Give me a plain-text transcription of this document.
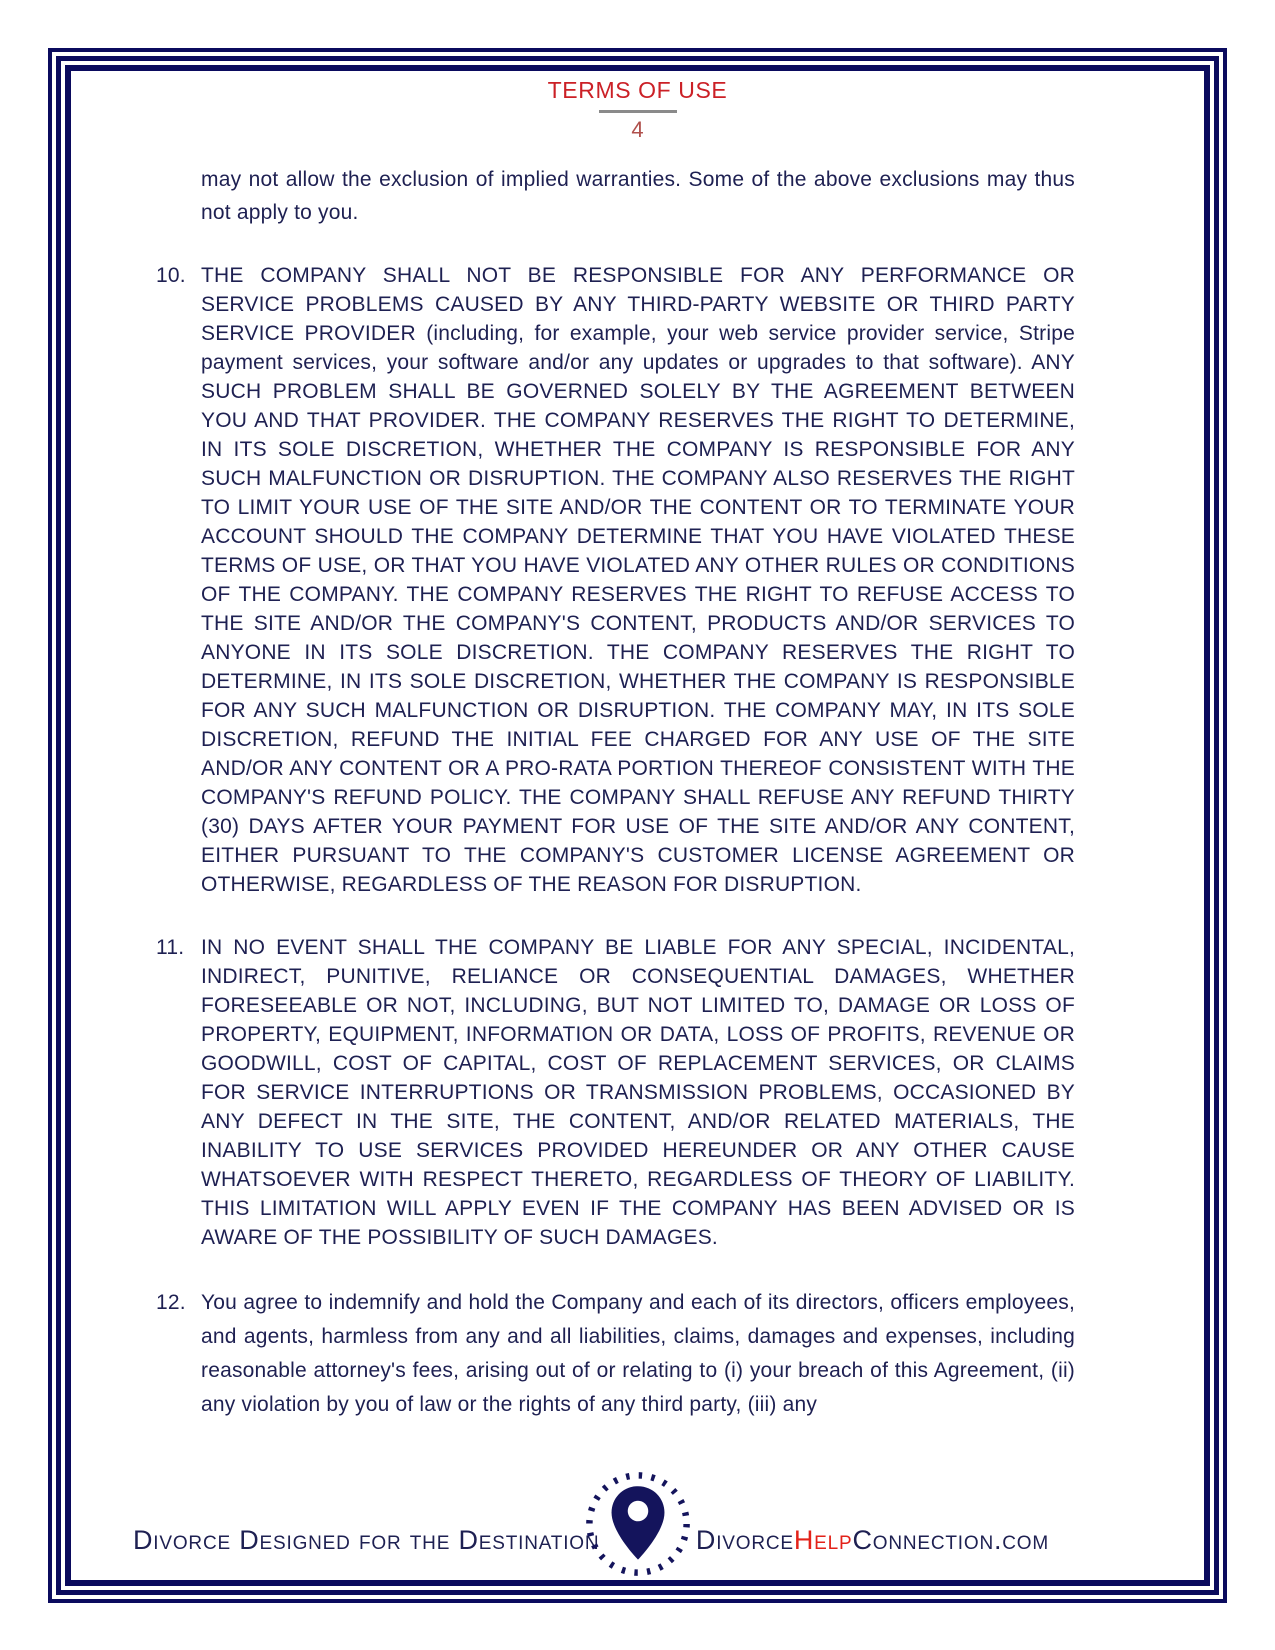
TERMS OF USE
4
may not allow the exclusion of implied warranties. Some of the above exclusions may thus not apply to you.
10. THE COMPANY SHALL NOT BE RESPONSIBLE FOR ANY PERFORMANCE OR SERVICE PROBLEMS CAUSED BY ANY THIRD-PARTY WEBSITE OR THIRD PARTY SERVICE PROVIDER (including, for example, your web service provider service, Stripe payment services, your software and/or any updates or upgrades to that software). ANY SUCH PROBLEM SHALL BE GOVERNED SOLELY BY THE AGREEMENT BETWEEN YOU AND THAT PROVIDER. THE COMPANY RESERVES THE RIGHT TO DETERMINE, IN ITS SOLE DISCRETION, WHETHER THE COMPANY IS RESPONSIBLE FOR ANY SUCH MALFUNCTION OR DISRUPTION. THE COMPANY ALSO RESERVES THE RIGHT TO LIMIT YOUR USE OF THE SITE AND/OR THE CONTENT OR TO TERMINATE YOUR ACCOUNT SHOULD THE COMPANY DETERMINE THAT YOU HAVE VIOLATED THESE TERMS OF USE, OR THAT YOU HAVE VIOLATED ANY OTHER RULES OR CONDITIONS OF THE COMPANY. THE COMPANY RESERVES THE RIGHT TO REFUSE ACCESS TO THE SITE AND/OR THE COMPANY'S CONTENT, PRODUCTS AND/OR SERVICES TO ANYONE IN ITS SOLE DISCRETION. THE COMPANY RESERVES THE RIGHT TO DETERMINE, IN ITS SOLE DISCRETION, WHETHER THE COMPANY IS RESPONSIBLE FOR ANY SUCH MALFUNCTION OR DISRUPTION. THE COMPANY MAY, IN ITS SOLE DISCRETION, REFUND THE INITIAL FEE CHARGED FOR ANY USE OF THE SITE AND/OR ANY CONTENT OR A PRO-RATA PORTION THEREOF CONSISTENT WITH THE COMPANY'S REFUND POLICY. THE COMPANY SHALL REFUSE ANY REFUND THIRTY (30) DAYS AFTER YOUR PAYMENT FOR USE OF THE SITE AND/OR ANY CONTENT, EITHER PURSUANT TO THE COMPANY'S CUSTOMER LICENSE AGREEMENT OR OTHERWISE, REGARDLESS OF THE REASON FOR DISRUPTION.
11. IN NO EVENT SHALL THE COMPANY BE LIABLE FOR ANY SPECIAL, INCIDENTAL, INDIRECT, PUNITIVE, RELIANCE OR CONSEQUENTIAL DAMAGES, WHETHER FORESEEABLE OR NOT, INCLUDING, BUT NOT LIMITED TO, DAMAGE OR LOSS OF PROPERTY, EQUIPMENT, INFORMATION OR DATA, LOSS OF PROFITS, REVENUE OR GOODWILL, COST OF CAPITAL, COST OF REPLACEMENT SERVICES, OR CLAIMS FOR SERVICE INTERRUPTIONS OR TRANSMISSION PROBLEMS, OCCASIONED BY ANY DEFECT IN THE SITE, THE CONTENT, AND/OR RELATED MATERIALS, THE INABILITY TO USE SERVICES PROVIDED HEREUNDER OR ANY OTHER CAUSE WHATSOEVER WITH RESPECT THERETO, REGARDLESS OF THEORY OF LIABILITY. THIS LIMITATION WILL APPLY EVEN IF THE COMPANY HAS BEEN ADVISED OR IS AWARE OF THE POSSIBILITY OF SUCH DAMAGES.
12. You agree to indemnify and hold the Company and each of its directors, officers employees, and agents, harmless from any and all liabilities, claims, damages and expenses, including reasonable attorney's fees, arising out of or relating to (i) your breach of this Agreement, (ii) any violation by you of law or the rights of any third party, (iii) any
Divorce Designed for the Destination	DivorceHelpConnection.com
